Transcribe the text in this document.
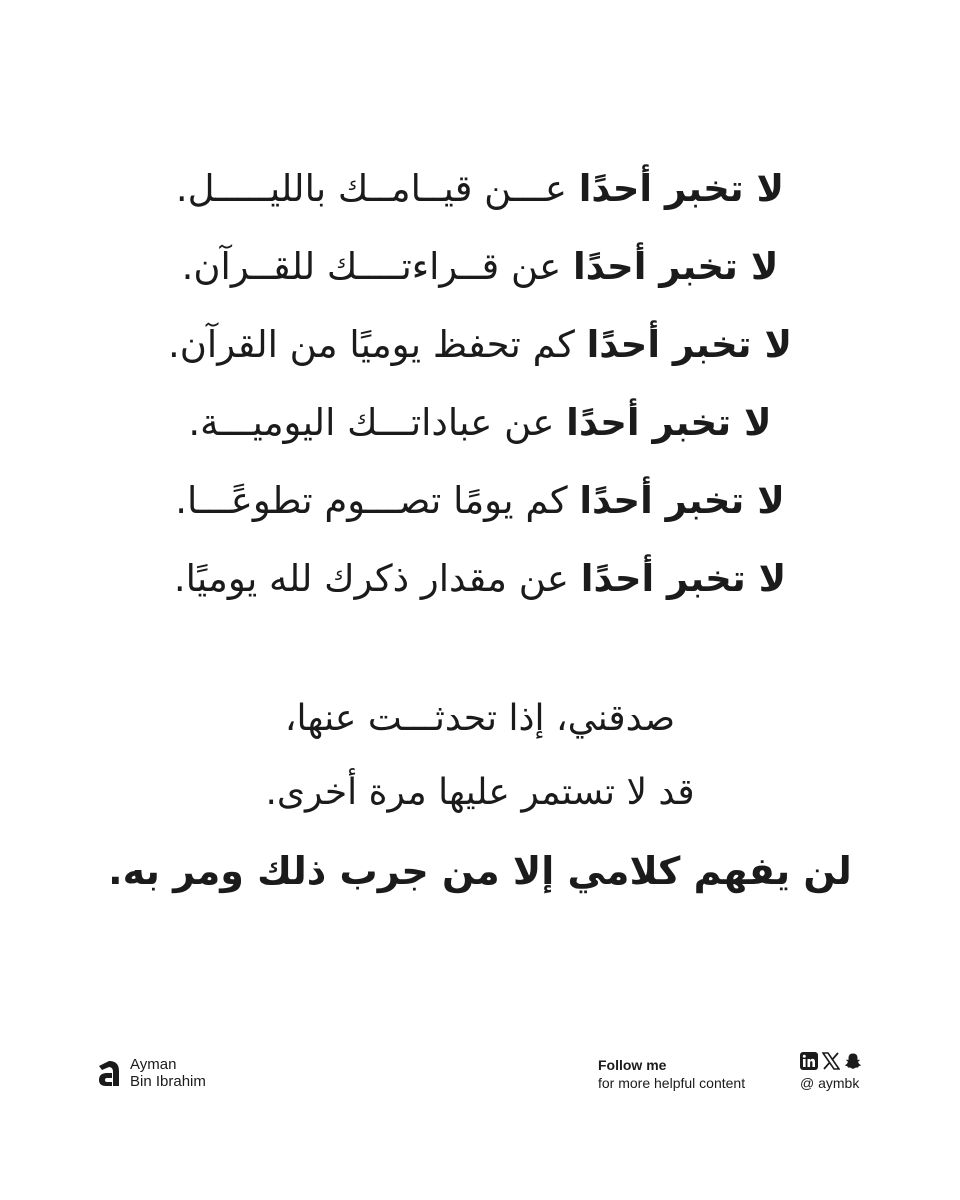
لا تخبر أحدًا عـــن قيــامــك بالليـــــل.
لا تخبر أحدًا عن قــراءتــــك للقــرآن.
لا تخبر أحدًا كم تحفظ يوميًا من القرآن.
لا تخبر أحدًا عن عباداتـــك اليوميـــة.
لا تخبر أحدًا كم يومًا تصـــوم تطوعًـــا.
لا تخبر أحدًا عن مقدار ذكرك لله يوميًا.
صدقني، إذا تحدثـــت عنها،
قد لا تستمر عليها مرة أخرى.
لن يفهم كلامي إلا من جرب ذلك ومر به.
Ayman
Bin Ibrahim
Follow me
for more helpful content	@ aymbk
